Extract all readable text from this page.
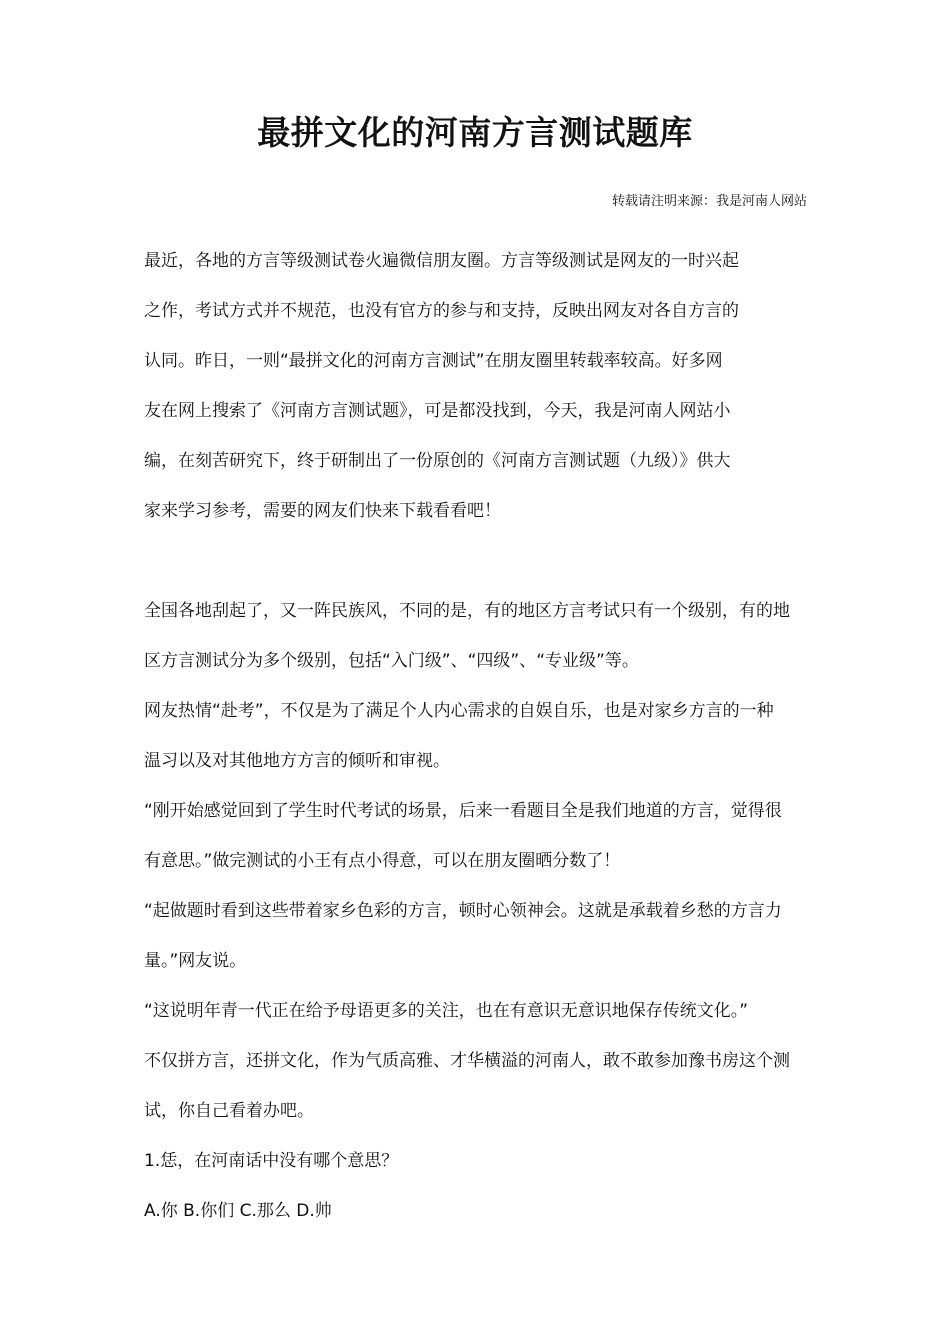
最拼文化的河南方言测试题库
转载请注明来源：我是河南人网站
最近，各地的方言等级测试卷火遍微信朋友圈。方言等级测试是网友的一时兴起
之作，考试方式并不规范，也没有官方的参与和支持，反映出网友对各自方言的
认同。昨日，一则“最拼文化的河南方言测试”在朋友圈里转载率较高。好多网
友在网上搜索了《河南方言测试题》，可是都没找到，今天，我是河南人网站小
编，在刻苦研究下，终于研制出了一份原创的《河南方言测试题（九级）》供大
家来学习参考，需要的网友们快来下载看看吧！
全国各地刮起了，又一阵民族风，不同的是，有的地区方言考试只有一个级别，有的地
区方言测试分为多个级别，包括“入门级”、“四级”、“专业级”等。
网友热情“赴考”，不仅是为了满足个人内心需求的自娱自乐，也是对家乡方言的一种
温习以及对其他地方方言的倾听和审视。
“刚开始感觉回到了学生时代考试的场景，后来一看题目全是我们地道的方言，觉得很
有意思。”做完测试的小王有点小得意，可以在朋友圈晒分数了！
“起做题时看到这些带着家乡色彩的方言，顿时心领神会。这就是承载着乡愁的方言力
量。”网友说。
“这说明年青一代正在给予母语更多的关注，也在有意识无意识地保存传统文化。”
不仅拼方言，还拼文化，作为气质高雅、才华横溢的河南人，敢不敢参加豫书房这个测
试，你自己看着办吧。
1.恁，在河南话中没有哪个意思？
A.你 B.你们 C.那么 D.帅
